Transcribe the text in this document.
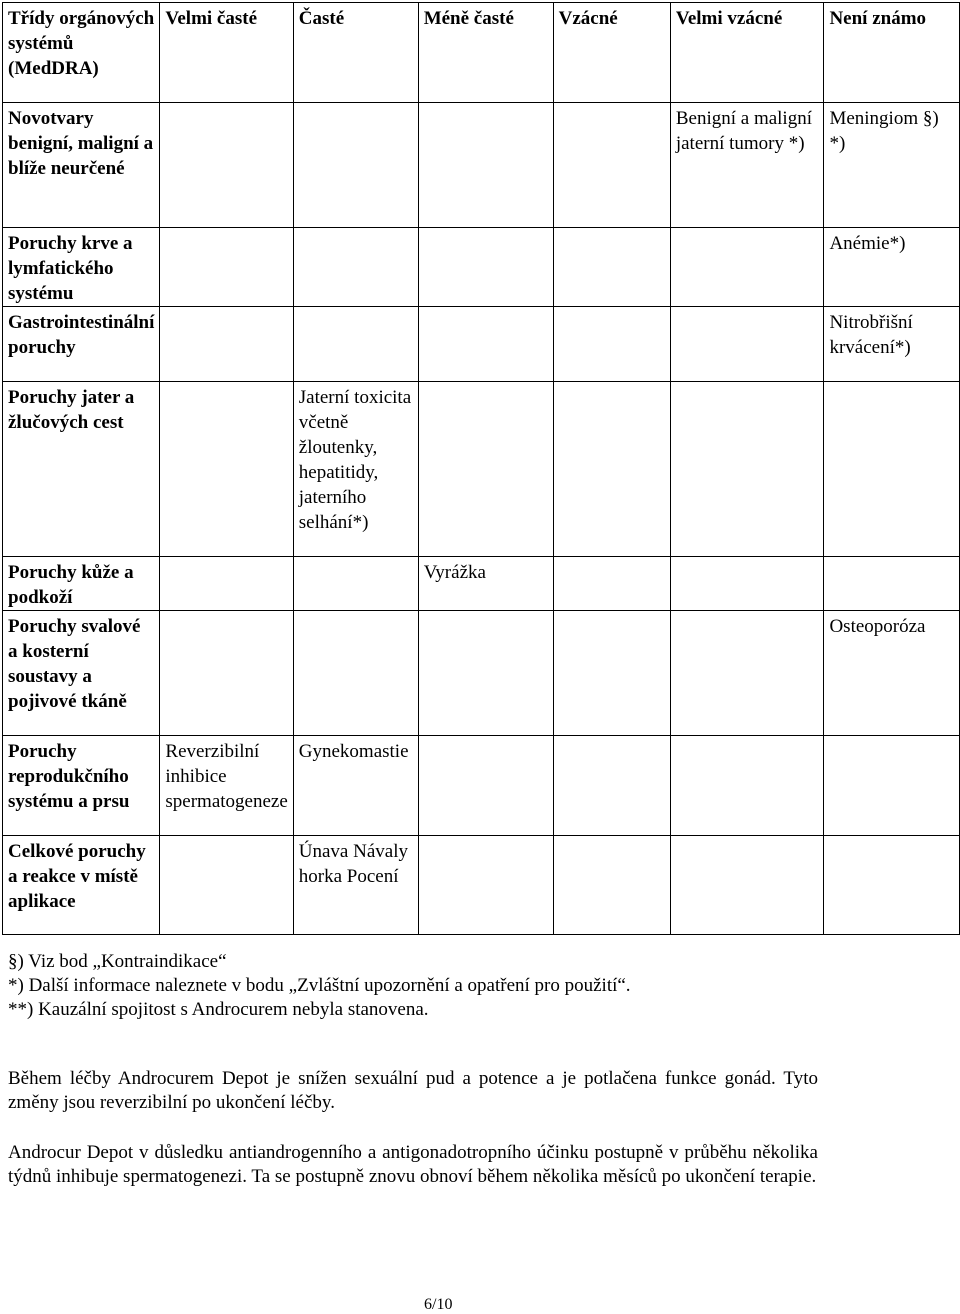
Třídy orgánových systémů (MedDRA)	Velmi časté	Časté	Méně časté	Vzácné	Velmi vzácné	Není známo
Novotvary benigní, maligní a blíže neurčené					Benigní a maligní jaterní tumory *)	Meningiom §) *)
Poruchy krve a lymfatického systému						Anémie*)
Gastrointestinální poruchy						Nitrobřišní krvácení*)
Poruchy jater a žlučových cest		Jaterní toxicita včetně žloutenky, hepatitidy, jaterního selhání*)				
Poruchy kůže a podkoží			Vyrážka			
Poruchy svalové a kosterní soustavy a pojivové tkáně						Osteoporóza
Poruchy reprodukčního systému a prsu	Reverzibilní inhibice spermatogeneze	Gynekomastie				
Celkové poruchy a reakce v místě aplikace		Únava Návaly horka Pocení				

§) Viz bod „Kontraindikace“

*) Další informace naleznete v bodu „Zvláštní upozornění a opatření pro použití“.

**) Kauzální spojitost s Androcurem nebyla stanovena.

Během léčby Androcurem Depot je snížen sexuální pud a potence a je potlačena funkce gonád. Tyto změny jsou reverzibilní po ukončení léčby.

Androcur Depot v důsledku antiandrogenního a antigonadotropního účinku postupně v průběhu několika týdnů inhibuje spermatogenezi. Ta se postupně znovu obnoví během několika měsíců po ukončení terapie.

6/10
